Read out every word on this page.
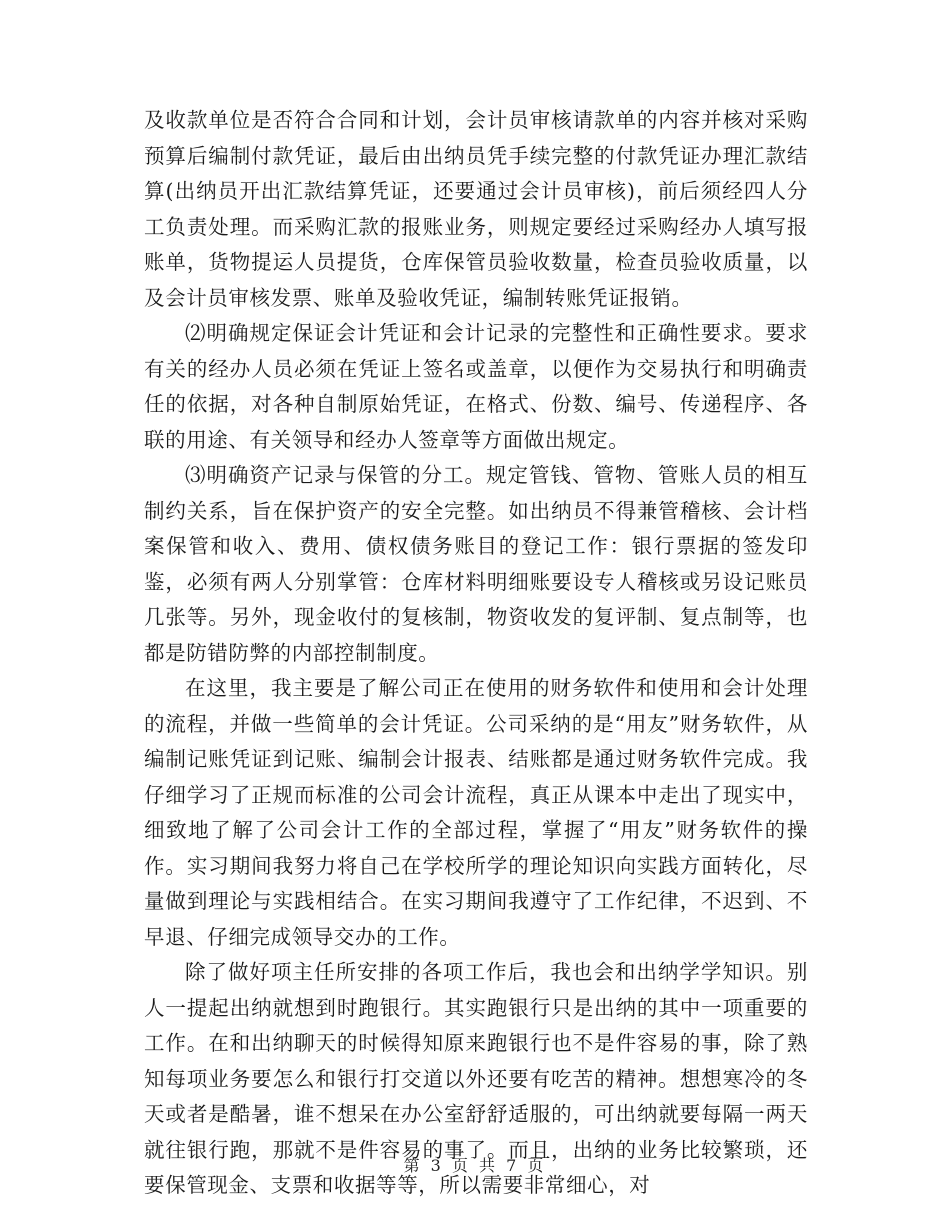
及收款单位是否符合合同和计划，会计员审核请款单的内容并核对采购预算后编制付款凭证，最后由出纳员凭手续完整的付款凭证办理汇款结算(出纳员开出汇款结算凭证，还要通过会计员审核)，前后须经四人分工负责处理。而采购汇款的报账业务，则规定要经过采购经办人填写报账单，货物提运人员提货，仓库保管员验收数量，检查员验收质量，以及会计员审核发票、账单及验收凭证，编制转账凭证报销。

⑵明确规定保证会计凭证和会计记录的完整性和正确性要求。要求有关的经办人员必须在凭证上签名或盖章，以便作为交易执行和明确责任的依据，对各种自制原始凭证，在格式、份数、编号、传递程序、各联的用途、有关领导和经办人签章等方面做出规定。

⑶明确资产记录与保管的分工。规定管钱、管物、管账人员的相互制约关系，旨在保护资产的安全完整。如出纳员不得兼管稽核、会计档案保管和收入、费用、债权债务账目的登记工作：银行票据的签发印鉴，必须有两人分别掌管：仓库材料明细账要设专人稽核或另设记账员几张等。另外，现金收付的复核制，物资收发的复评制、复点制等，也都是防错防弊的内部控制制度。

在这里，我主要是了解公司正在使用的财务软件和使用和会计处理的流程，并做一些简单的会计凭证。公司采纳的是“用友”财务软件，从编制记账凭证到记账、编制会计报表、结账都是通过财务软件完成。我仔细学习了正规而标准的公司会计流程，真正从课本中走出了现实中，细致地了解了公司会计工作的全部过程，掌握了“用友”财务软件的操作。实习期间我努力将自己在学校所学的理论知识向实践方面转化，尽量做到理论与实践相结合。在实习期间我遵守了工作纪律，不迟到、不早退、仔细完成领导交办的工作。

除了做好项主任所安排的各项工作后，我也会和出纳学学知识。别人一提起出纳就想到时跑银行。其实跑银行只是出纳的其中一项重要的工作。在和出纳聊天的时候得知原来跑银行也不是件容易的事，除了熟知每项业务要怎么和银行打交道以外还要有吃苦的精神。想想寒冷的冬天或者是酷暑，谁不想呆在办公室舒舒适服的，可出纳就要每隔一两天就往银行跑，那就不是件容易的事了。而且，出纳的业务比较繁琐，还要保管现金、支票和收据等等，所以需要非常细心，对

第 3 页 共 7 页
